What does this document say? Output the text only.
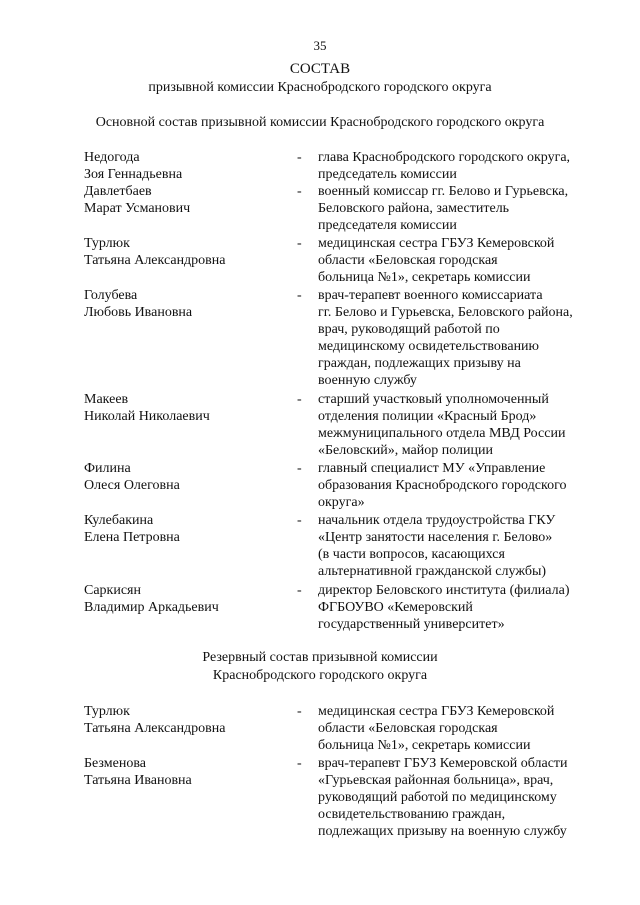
35
СОСТАВ
призывной комиссии Краснобродского городского округа
Основной состав призывной комиссии Краснобродского городского округа
Недогода
Зоя Геннадьевна
- глава Краснобродского городского округа,
председатель комиссии
Давлетбаев
Марат Усманович
- военный комиссар гг. Белово и Гурьевска,
Беловского района, заместитель
председателя комиссии
Турлюк
Татьяна Александровна
- медицинская сестра ГБУЗ Кемеровской
области «Беловская городская
больница №1», секретарь комиссии
Голубева
Любовь Ивановна
- врач-терапевт военного комиссариата
гг. Белово и Гурьевска, Беловского района,
врач, руководящий работой по
медицинскому освидетельствованию
граждан, подлежащих призыву на
военную службу
Макеев
Николай Николаевич
- старший участковый уполномоченный
отделения полиции «Красный Брод»
межмуниципального отдела МВД России
«Беловский», майор полиции
Филина
Олеся Олеговна
- главный специалист МУ «Управление
образования Краснобродского городского
округа»
Кулебакина
Елена Петровна
- начальник отдела трудоустройства ГКУ
«Центр занятости населения г. Белово»
(в части вопросов, касающихся
альтернативной гражданской службы)
Саркисян
Владимир Аркадьевич
- директор Беловского института (филиала)
ФГБОУВО «Кемеровский
государственный университет»
Резервный состав призывной комиссии
Краснобродского городского округа
Турлюк
Татьяна Александровна
- медицинская сестра ГБУЗ Кемеровской
области «Беловская городская
больница №1», секретарь комиссии
Безменова
Татьяна Ивановна
- врач-терапевт ГБУЗ Кемеровской области
«Гурьевская районная больница», врач,
руководящий работой по медицинскому
освидетельствованию граждан,
подлежащих призыву на военную службу
